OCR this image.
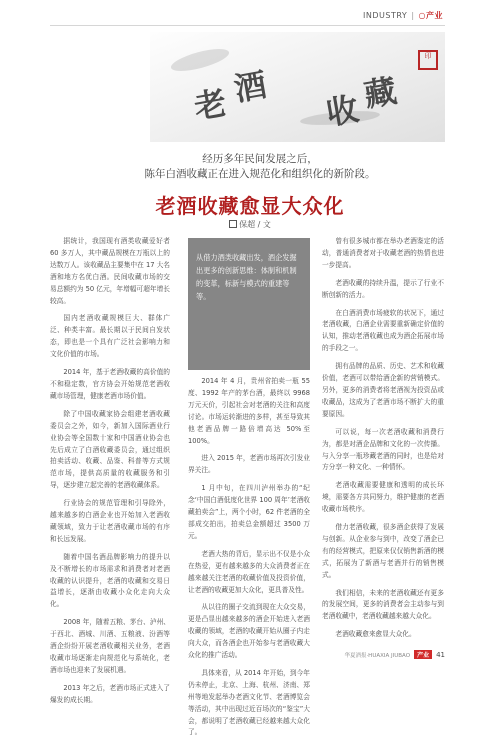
INDUSTRY | ○产业
老 酒
收 藏
印
经历多年民间发展之后，
陈年白酒收藏正在进入规范化和组织化的新阶段。
老酒收藏愈显大众化
保超 / 文

据统计，我国现有酒类收藏爱好者 60 多万人，其中藏品规模在万瓶以上的达数万人。该收藏品主要集中在 17 大名酒和地方名优白酒。民间收藏市场的交易总额约为 50 亿元，年增幅可超年增长较高。

国内老酒收藏规模巨大、群体广泛、种类丰富。最长期以于民间自发状态，即也是一个具有广泛社会影响力和文化价值的市场。

2014 年，基于老酒收藏的高价值的不和稳定数，官方协会开始规范老酒收藏市场管理，健康老酒市场价值。

除了中国收藏家协会组建老酒收藏委员会之外，如今，新加入国际酒业行业协会等全国数十家和中国酒业协会也先后成立了白酒收藏委员会，通过组织拍卖活动、收藏、品鉴、科普等方式规范市场，提供高质量的收藏服务和引导，逐步建立起完善的老酒收藏体系。

行业协会的规范管理和引导除外，越来越多的白酒企业也开始加入老酒收藏领域，致力于让老酒收藏市场的有序和长远发展。

随着中国名酒品牌影响力的提升以及不断增长的市场需求和消费者对老酒收藏的认识提升，老酒的收藏和交易日益增长，逐渐由收藏小众化走向大众化。

2008 年，随着五粮、茅台、泸州、于西北、酒城、川酒、五粮液、汾酒等酒企纷纷开展老酒收藏相关业务，老酒收藏市场逐渐走向规范化与系统化，老酒市场也迎来了发展机遇。

2013 年之后，老酒市场正式进入了爆发的成长期。

从借力酒类收藏出发，酒企发掘出更多的创新思维：体制和机制的变革，标新与模式的重建等等。

2014 年 4 月，贵州省拍卖一瓶 55 度、1992 年产的茅台酒，最终以 9968 万元天价，引起社会对老酒的关注和高度讨论。市场运转渐进的多样，甚至导致其他老酒品牌一路倍增高达 50%至 100%。

进入 2015 年，老酒市场再次引发业界关注。

1 月中旬，在四川泸州举办的“纪念‘中国白酒低度化世界 100 周年’老酒收藏拍卖会”上，两个小时，62 件老酒的全部成交拍出，拍卖总金额超过 3500 万元。

老酒大热的背后，显示出不仅是小众在热爱，更有越来越多的大众消费者正在越来越关注老酒的收藏价值及投资价值，让老酒的收藏更加大众化，更具普及性。

从以往的圈子交流到现在大众交易，更是凸显出越来越多的酒企开始进入老酒收藏的领域，老酒的收藏开始从圈子内走向大众，而各酒企也开始参与老酒收藏大众化的推广活动。

具体来看，从 2014 年开始，到今年仍未停止，北京、上海、杭州、济南、郑州等地发起举办老酒文化节、老酒博览会等活动，其中出现过近百场次的“鉴宝”大会，都说明了老酒收藏已经越来越大众化了。

曾有很多城市都在举办老酒鉴定的活动，普通消费者对于收藏老酒的热情也进一步提高。

老酒收藏的持续升温，提示了行业不断创新的活力。

在白酒消费市场疲软的状况下，通过老酒收藏，白酒企业需要重新确定价值的认知，推动老酒收藏也成为酒企拓展市场的手段之一。

拥有品牌的品质、历史、艺术和收藏价值，老酒可以带给酒企新的营销模式。另外，更多的消费者将老酒视为投资品或收藏品，这成为了老酒市场不断扩大的重要原因。

可以说，每一次老酒收藏和消费行为，都是对酒企品牌和文化的一次传播。与入分享一瓶珍藏老酒的同时，也是给对方分享一种文化、一种情怀。

老酒收藏需要健康和透明的成长环境，需要各方共同努力，维护健康的老酒收藏市场秩序。

借力老酒收藏，很多酒企获得了发展与创新。从企业参与到中，改变了酒企已有的经营模式，把原来仅仅销售新酒的模式，拓展为了新酒与老酒并行的销售模式。

我们相信，未来的老酒收藏还有更多的发展空间，更多的消费者会主动参与到老酒收藏中，老酒收藏越来越大众化。

老酒收藏愈来愈显大众化。

华夏酒报·HUAXIA JIUBAO	产业	41
